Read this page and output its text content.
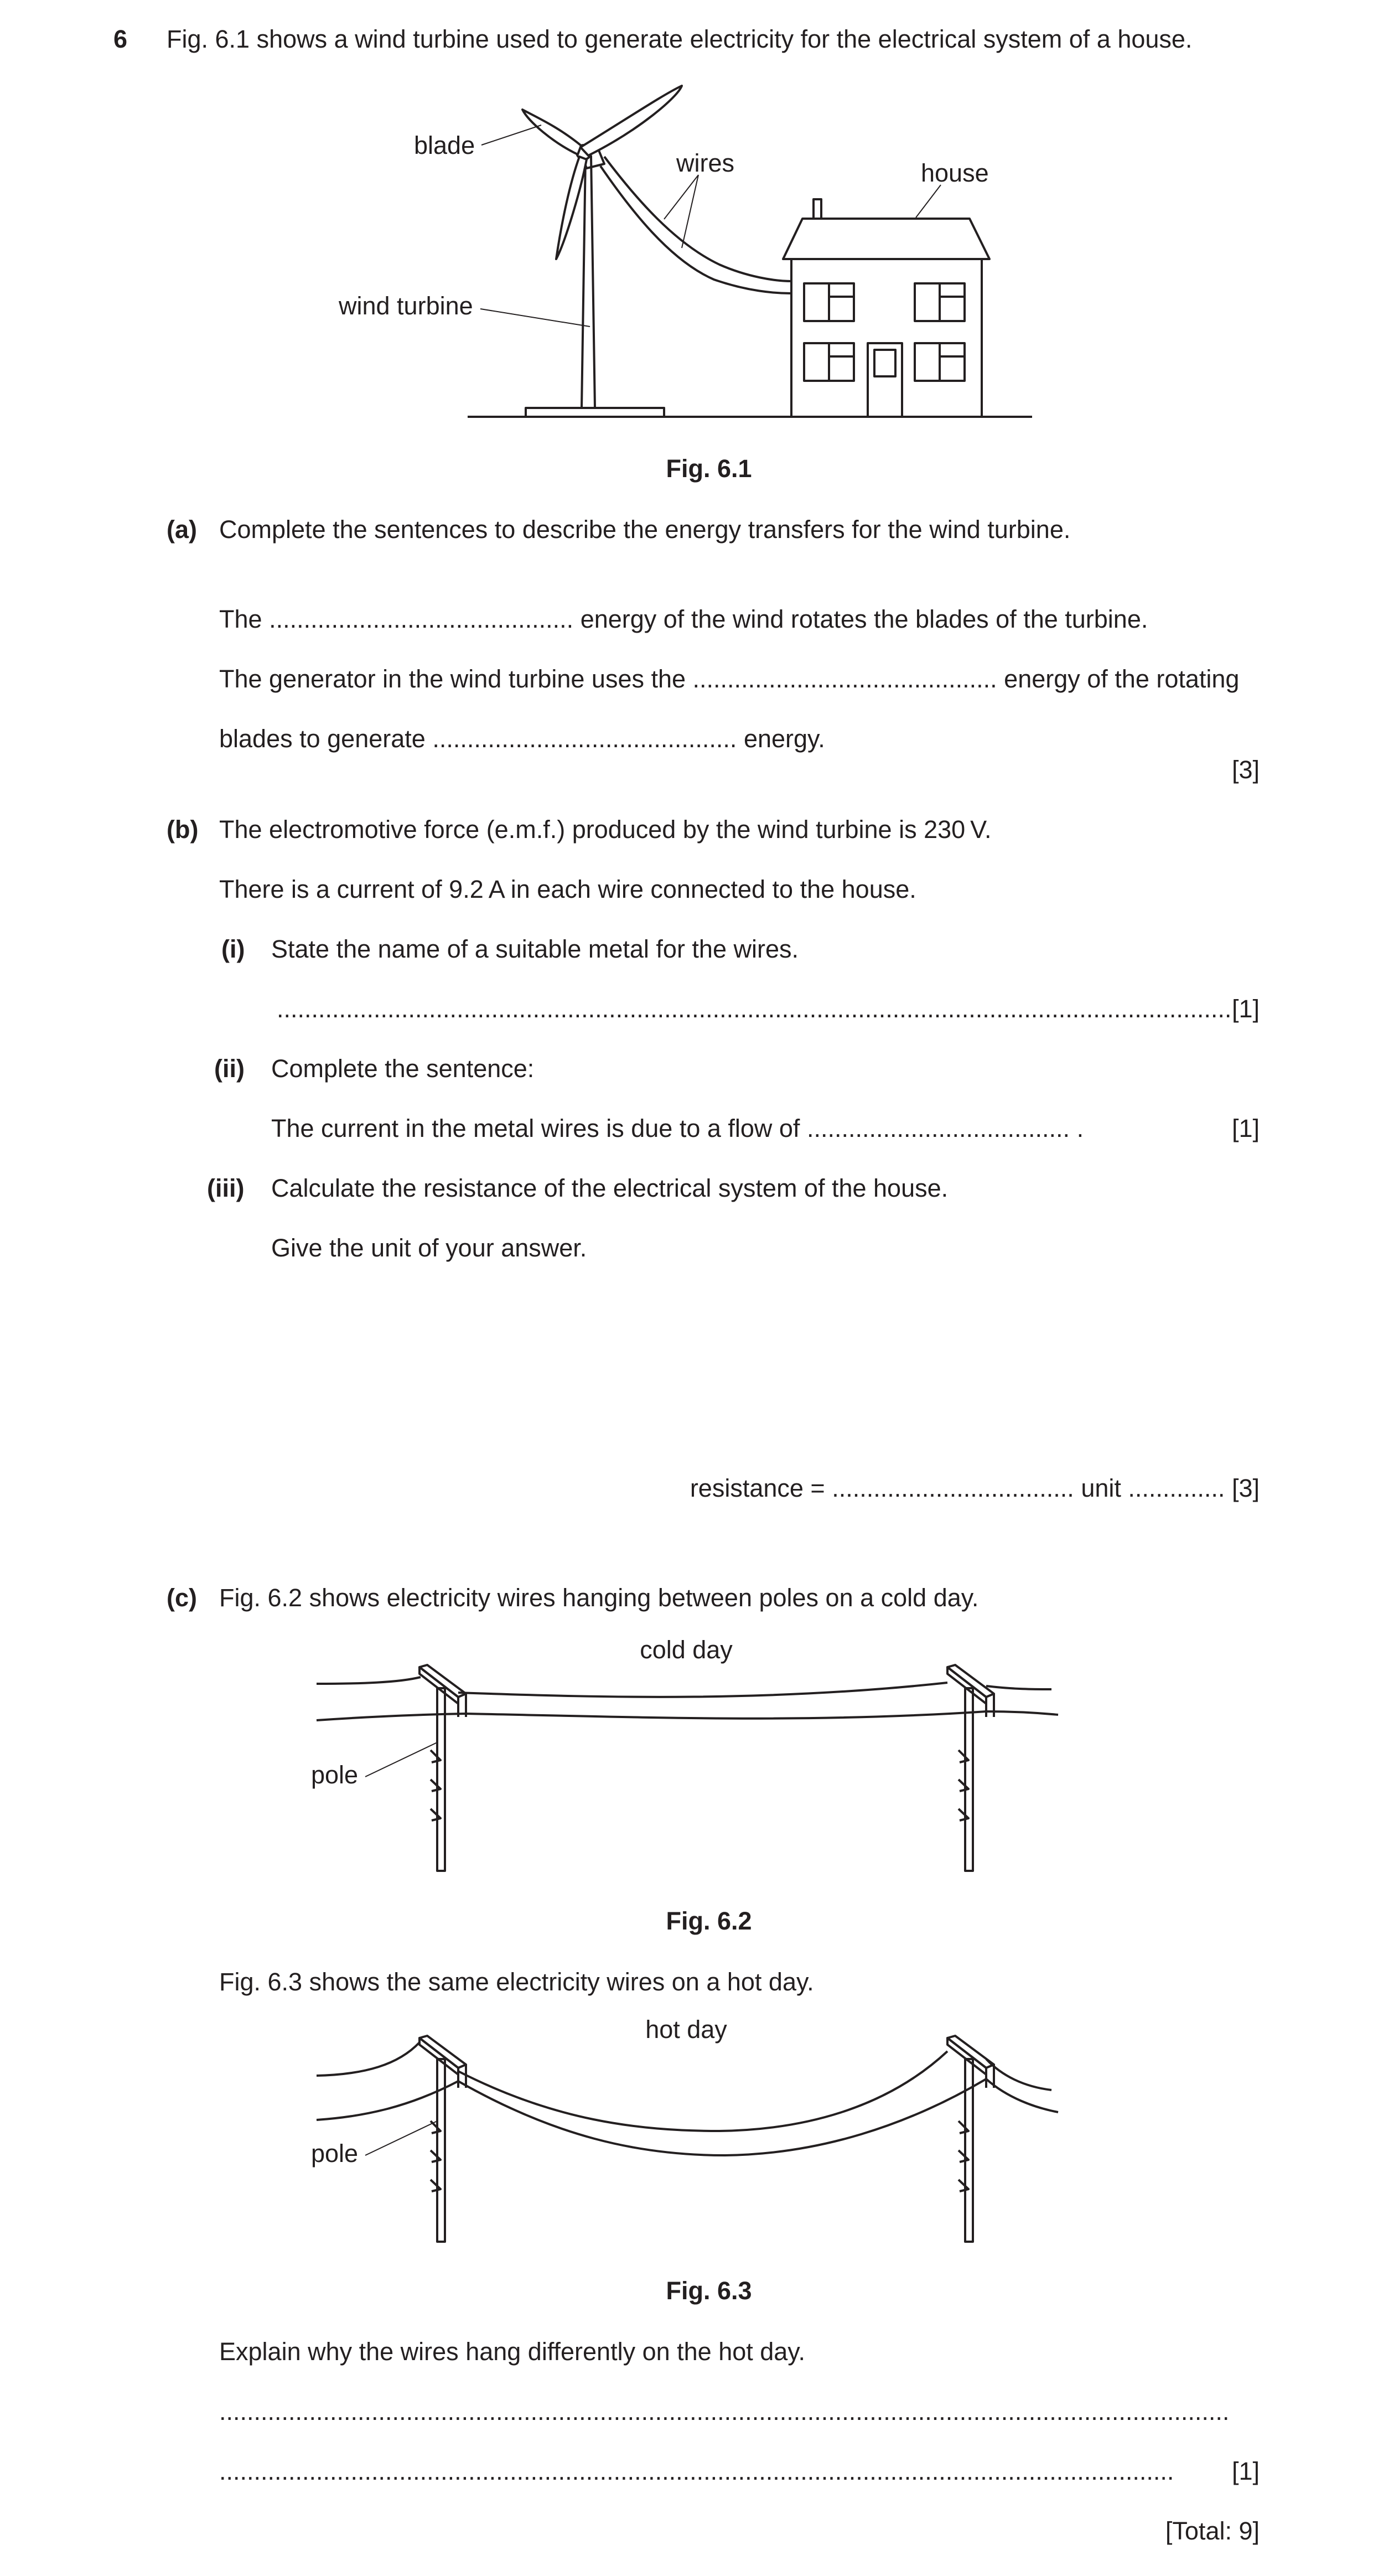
6 Fig. 6.1 shows a wind turbine used to generate electricity for the electrical system of a house.
blade
wires	house
wind turbine
Fig. 6.1
(a) Complete the sentences to describe the energy transfers for the wind turbine.
The ............................................ energy of the wind rotates the blades of the turbine.
The generator in the wind turbine uses the ............................................ energy of the rotating
blades to generate ............................................ energy.
[3]
(b) The electromotive force (e.m.f.) produced by the wind turbine is 230 V.
There is a current of 9.2 A in each wire connected to the house.
(i) State the name of a suitable metal for the wires.
.......................................................................................................................................... [1]
(ii) Complete the sentence:
The current in the metal wires is due to a flow of ...................................... .	[1]
(iii) Calculate the resistance of the electrical system of the house.
Give the unit of your answer.
resistance = ................................... unit .............. [3]
(c) Fig. 6.2 shows electricity wires hanging between poles on a cold day.
cold day
pole
Fig. 6.2
Fig. 6.3 shows the same electricity wires on a hot day.
hot day
pole
Fig. 6.3
Explain why the wires hang differently on the hot day.
..................................................................................................................................................
..........................................................................................................................................	[1]
[Total: 9]
